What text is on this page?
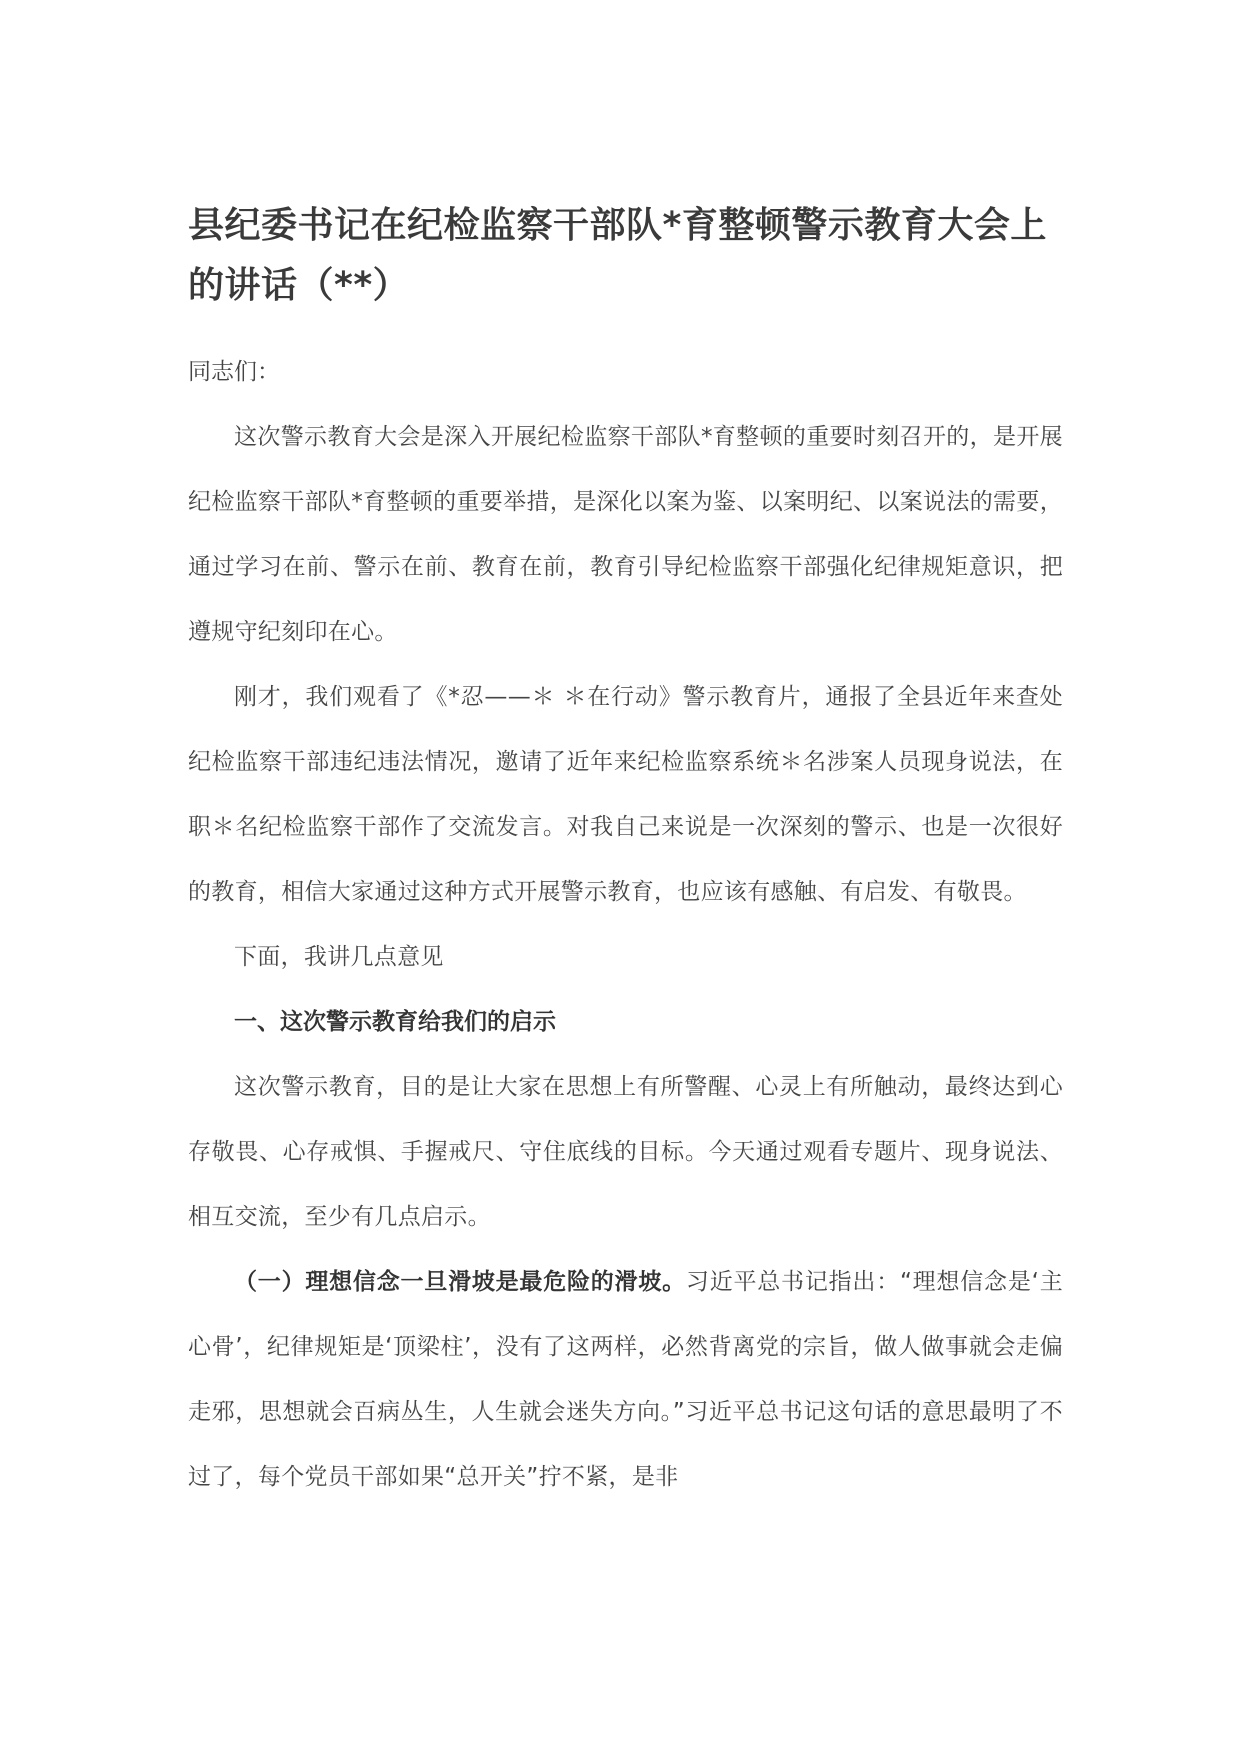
县纪委书记在纪检监察干部队*育整顿警示教育大会上的讲话（**）

同志们：

这次警示教育大会是深入开展纪检监察干部队*育整顿的重要时刻召开的，是开展纪检监察干部队*育整顿的重要举措，是深化以案为鉴、以案明纪、以案说法的需要，通过学习在前、警示在前、教育在前，教育引导纪检监察干部强化纪律规矩意识，把遵规守纪刻印在心。

刚才，我们观看了《*忍——＊ ＊在行动》警示教育片，通报了全县近年来查处纪检监察干部违纪违法情况，邀请了近年来纪检监察系统＊名涉案人员现身说法，在职＊名纪检监察干部作了交流发言。对我自己来说是一次深刻的警示、也是一次很好的教育，相信大家通过这种方式开展警示教育，也应该有感触、有启发、有敬畏。

下面，我讲几点意见

一、这次警示教育给我们的启示

这次警示教育，目的是让大家在思想上有所警醒、心灵上有所触动，最终达到心存敬畏、心存戒惧、手握戒尺、守住底线的目标。今天通过观看专题片、现身说法、相互交流，至少有几点启示。

（一）理想信念一旦滑坡是最危险的滑坡。习近平总书记指出：“理想信念是‘主心骨’，纪律规矩是‘顶梁柱’，没有了这两样，必然背离党的宗旨，做人做事就会走偏走邪，思想就会百病丛生，人生就会迷失方向。”习近平总书记这句话的意思最明了不过了，每个党员干部如果“总开关”拧不紧，是非
